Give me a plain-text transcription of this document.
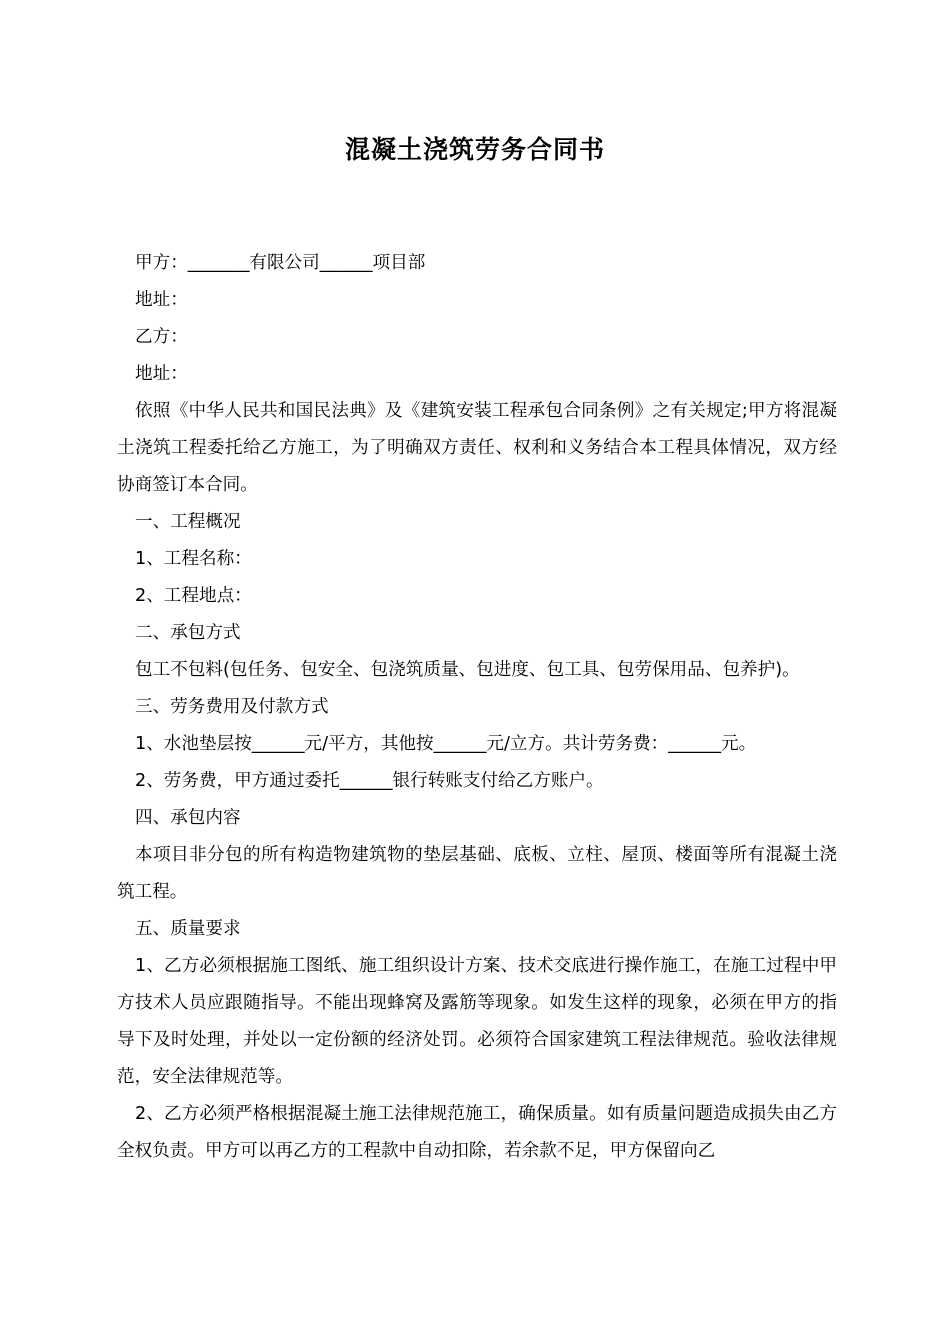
混凝土浇筑劳务合同书

甲方：_______有限公司______项目部

地址：

乙方：

地址：

依照《中华人民共和国民法典》及《建筑安装工程承包合同条例》之有关规定;甲方将混凝土浇筑工程委托给乙方施工，为了明确双方责任、权利和义务结合本工程具体情况，双方经协商签订本合同。

一、工程概况

1、工程名称：

2、工程地点：

二、承包方式

包工不包料(包任务、包安全、包浇筑质量、包进度、包工具、包劳保用品、包养护)。

三、劳务费用及付款方式

1、水池垫层按______元/平方，其他按______元/立方。共计劳务费：______元。

2、劳务费，甲方通过委托______银行转账支付给乙方账户。

四、承包内容

本项目非分包的所有构造物建筑物的垫层基础、底板、立柱、屋顶、楼面等所有混凝土浇筑工程。

五、质量要求

1、乙方必须根据施工图纸、施工组织设计方案、技术交底进行操作施工，在施工过程中甲方技术人员应跟随指导。不能出现蜂窝及露筋等现象。如发生这样的现象，必须在甲方的指导下及时处理，并处以一定份额的经济处罚。必须符合国家建筑工程法律规范。验收法律规范，安全法律规范等。

2、乙方必须严格根据混凝土施工法律规范施工，确保质量。如有质量问题造成损失由乙方全权负责。甲方可以再乙方的工程款中自动扣除，若余款不足，甲方保留向乙
